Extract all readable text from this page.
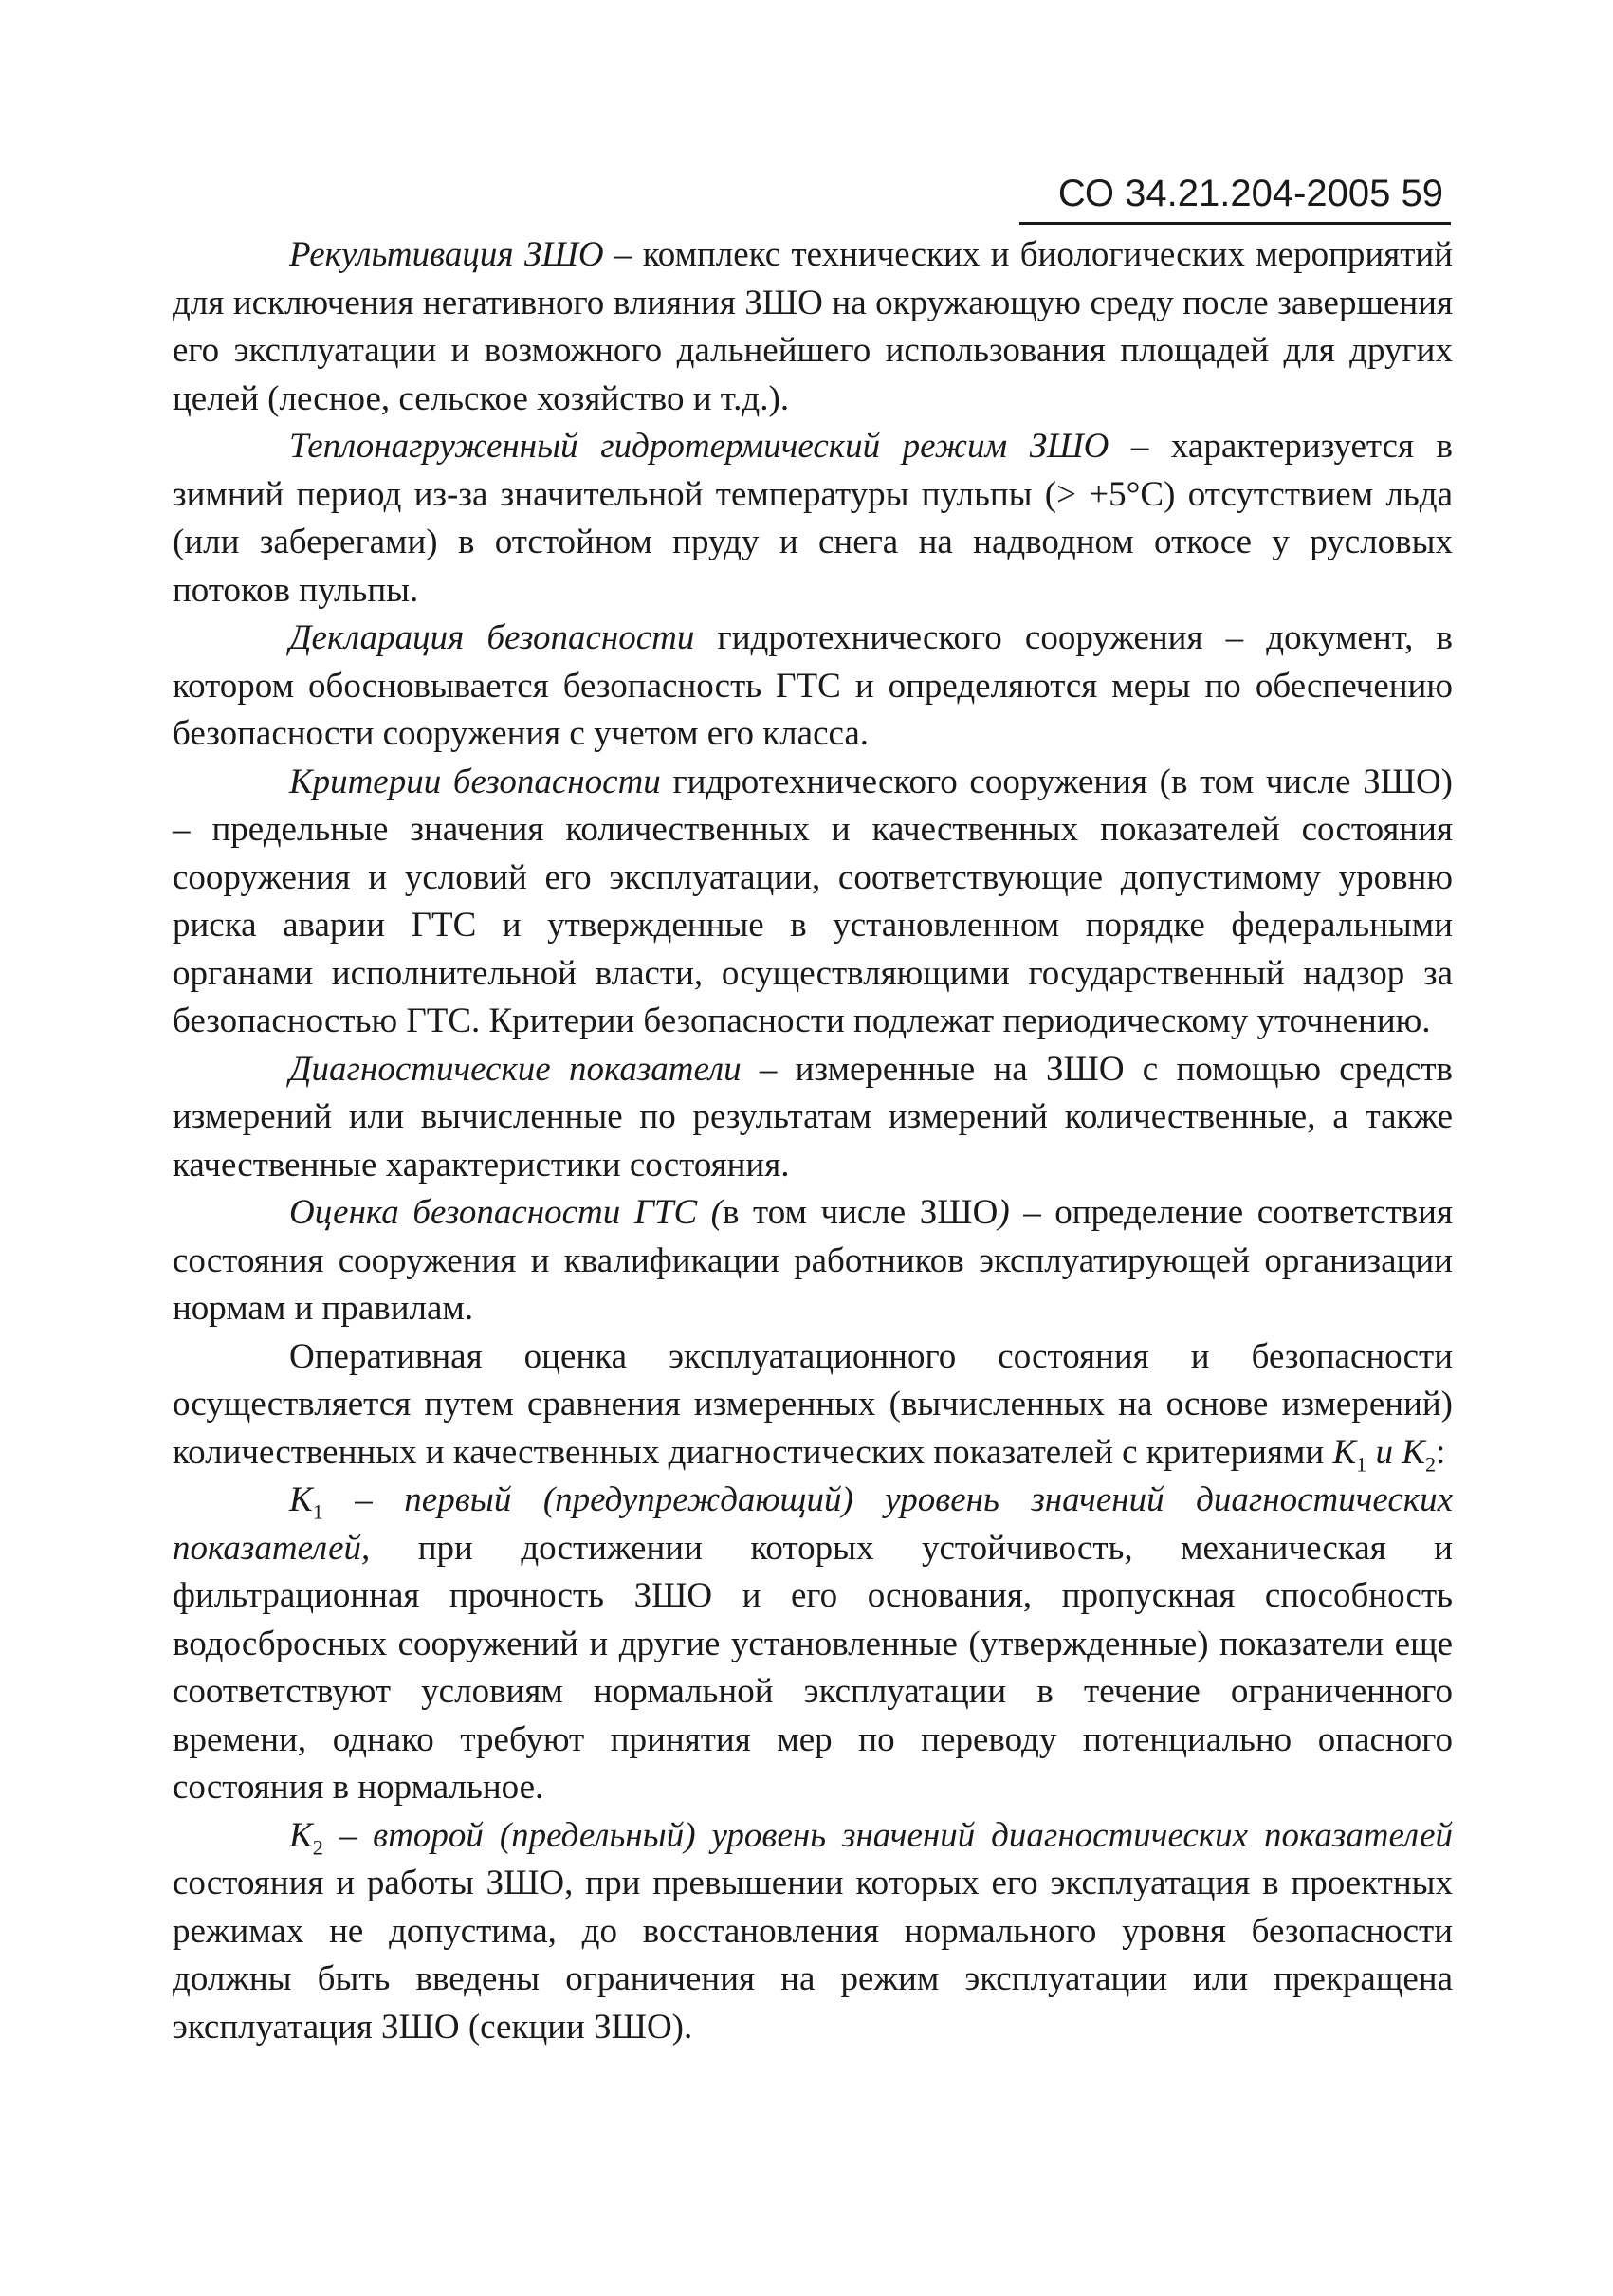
СО 34.21.204-2005 59

Рекультивация ЗШО – комплекс технических и биологических мероприятий для исключения негативного влияния ЗШО на окружающую среду после завершения его эксплуатации и возможного дальнейшего использования площадей для других целей (лесное, сельское хозяйство и т.д.).

Теплонагруженный гидротермический режим ЗШО – характеризуется в зимний период из-за значительной температуры пульпы (> +5°C) отсутствием льда (или заберегами) в отстойном пруду и снега на надводном откосе у русловых потоков пульпы.

Декларация безопасности гидротехнического сооружения – документ, в котором обосновывается безопасность ГТС и определяются меры по обеспечению безопасности сооружения с учетом его класса.

Критерии безопасности гидротехнического сооружения (в том числе ЗШО) – предельные значения количественных и качественных показателей состояния сооружения и условий его эксплуатации, соответствующие допустимому уровню риска аварии ГТС и утвержденные в установленном порядке федеральными органами исполнительной власти, осуществляющими государственный надзор за безопасностью ГТС. Критерии безопасности подлежат периодическому уточнению.

Диагностические показатели – измеренные на ЗШО с помощью средств измерений или вычисленные по результатам измерений количественные, а также качественные характеристики состояния.

Оценка безопасности ГТС (в том числе ЗШО) – определение соответствия состояния сооружения и квалификации работников эксплуатирующей организации нормам и правилам.

Оперативная оценка эксплуатационного состояния и безопасности осуществляется путем сравнения измеренных (вычисленных на основе измерений) количественных и качественных диагностических показателей с критериями $K_1$ и $K_2$:

$K_1$ – первый (предупреждающий) уровень значений диагностических показателей, при достижении которых устойчивость, механическая и фильтрационная прочность ЗШО и его основания, пропускная способность водосбросных сооружений и другие установленные (утвержденные) показатели еще соответствуют условиям нормальной эксплуатации в течение ограниченного времени, однако требуют принятия мер по переводу потенциально опасного состояния в нормальное.

$K_2$ – второй (предельный) уровень значений диагностических показателей состояния и работы ЗШО, при превышении которых его эксплуатация в проектных режимах не допустима, до восстановления нормального уровня безопасности должны быть введены ограничения на режим эксплуатации или прекращена эксплуатация ЗШО (секции ЗШО).
